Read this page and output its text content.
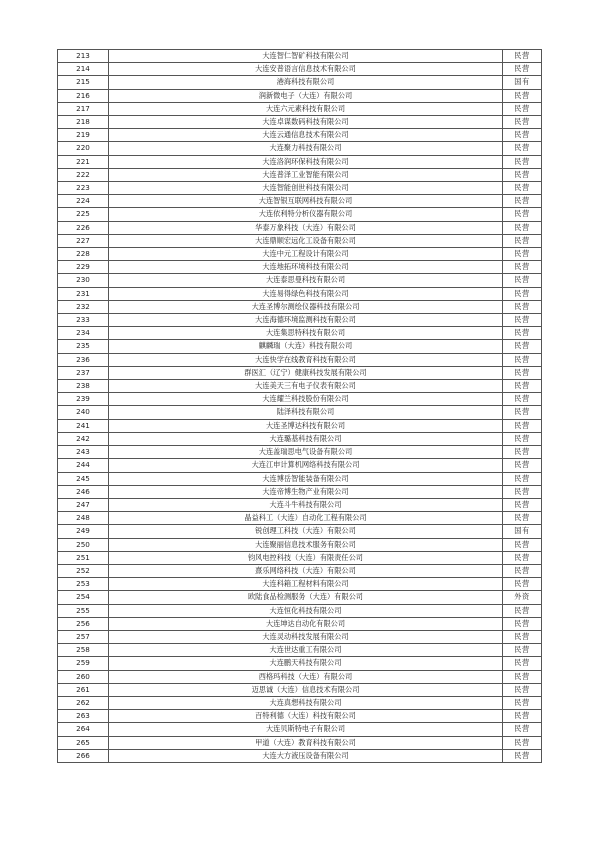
213	大连智仁智矿科技有限公司	民营
214	大连安普语言信息技术有限公司	民营
215	港海科技有限公司	国有
216	润新微电子（大连）有限公司	民营
217	大连六元素科技有限公司	民营
218	大连卓谋数码科技有限公司	民营
219	大连云通信息技术有限公司	民营
220	大连聚力科技有限公司	民营
221	大连洛润环保科技有限公司	民营
222	大连普泽工业智能有限公司	民营
223	大连智能创世科技有限公司	民营
224	大连智银互联网科技有限公司	民营
225	大连依利特分析仪器有限公司	民营
226	华泰万象科技（大连）有限公司	民营
227	大连鼎顺宏远化工设备有限公司	民营
228	大连中元工程设计有限公司	民营
229	大连地拓环境科技有限公司	民营
230	大连泰思曼科技有限公司	民营
231	大连易得绿色科技有限公司	民营
232	大连圣博尔测绘仪器科技有限公司	民营
233	大连海德环境监测科技有限公司	民营
234	大连集思特科技有限公司	民营
235	麒麟瑞（大连）科技有限公司	民营
236	大连快学在线教育科技有限公司	民营
237	群医汇（辽宁）健康科技发展有限公司	民营
238	大连美天三有电子仪表有限公司	民营
239	大连耀兰科技股份有限公司	民营
240	陆泽科技有限公司	民营
241	大连圣博达科技有限公司	民营
242	大连璐基科技有限公司	民营
243	大连盖瑞思电气设备有限公司	民营
244	大连江申计算机网络科技有限公司	民营
245	大连博岳智能装备有限公司	民营
246	大连帝博生物产业有限公司	民营
247	大连斗牛科技有限公司	民营
248	晶益科工（大连）自动化工程有限公司	民营
249	锐创理工科技（大连）有限公司	国有
250	大连聚丽信息技术服务有限公司	民营
251	钧风电控科技（大连）有限责任公司	民营
252	熹乐网络科技（大连）有限公司	民营
253	大连科箱工程材料有限公司	民营
254	欧陆食品检测服务（大连）有限公司	外资
255	大连恒化科技有限公司	民营
256	大连坤达自动化有限公司	民营
257	大连灵动科技发展有限公司	民营
258	大连世达重工有限公司	民营
259	大连鹏天科技有限公司	民营
260	西格玛科技（大连）有限公司	民营
261	迈思诚（大连）信息技术有限公司	民营
262	大连真想科技有限公司	民营
263	百特利德（大连）科技有限公司	民营
264	大连贝斯特电子有限公司	民营
265	甲道（大连）教育科技有限公司	民营
266	大连大方液压设备有限公司	民营
